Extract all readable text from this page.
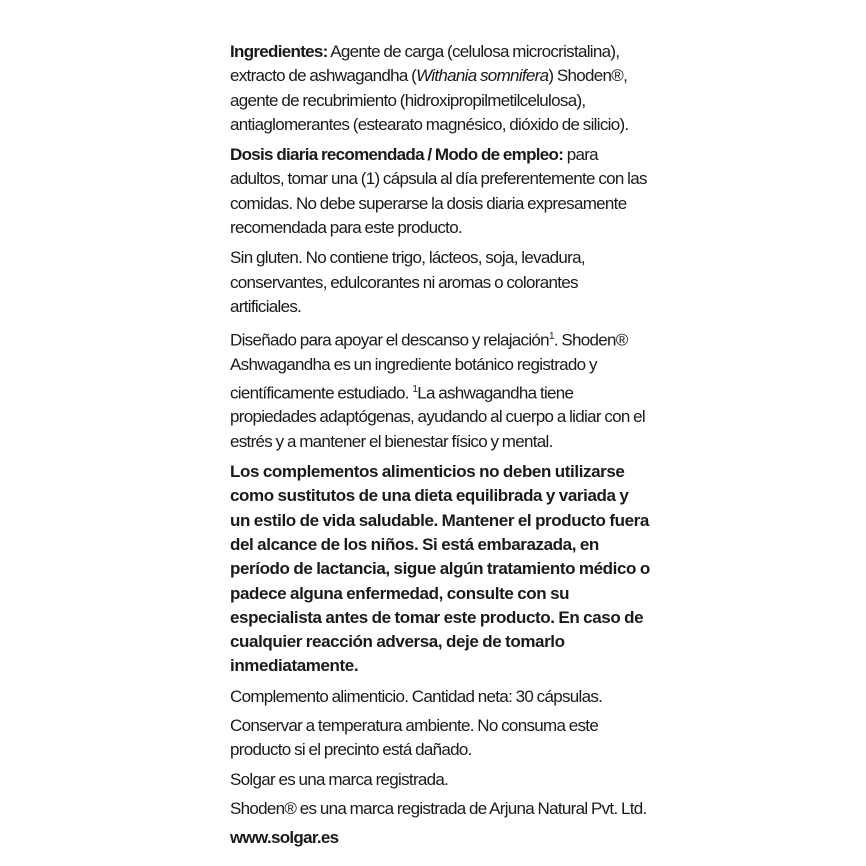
Ingredientes: Agente de carga (celulosa microcristalina), extracto de ashwagandha (Withania somnifera) Shoden®, agente de recubrimiento (hidroxipropilmetilcelulosa), antiaglomerantes (estearato magnésico, dióxido de silicio).

Dosis diaria recomendada / Modo de empleo: para adultos, tomar una (1) cápsula al día preferentemente con las comidas. No debe superarse la dosis diaria expresamente recomendada para este producto.

Sin gluten. No contiene trigo, lácteos, soja, levadura, conservantes, edulcorantes ni aromas o colorantes artificiales.

Diseñado para apoyar el descanso y relajación$^1$. Shoden® Ashwagandha es un ingrediente botánico registrado y científicamente estudiado. $^1$La ashwagandha tiene propiedades adaptógenas, ayudando al cuerpo a lidiar con el estrés y a mantener el bienestar físico y mental.

Los complementos alimenticios no deben utilizarse como sustitutos de una dieta equilibrada y variada y un estilo de vida saludable. Mantener el producto fuera del alcance de los niños. Si está embarazada, en período de lactancia, sigue algún tratamiento médico o padece alguna enfermedad, consulte con su especialista antes de tomar este producto. En caso de cualquier reacción adversa, deje de tomarlo inmediatamente.

Complemento alimenticio. Cantidad neta: 30 cápsulas.

Conservar a temperatura ambiente. No consuma este producto si el precinto está dañado.

Solgar es una marca registrada.

Shoden® es una marca registrada de Arjuna Natural Pvt. Ltd.

www.solgar.es
